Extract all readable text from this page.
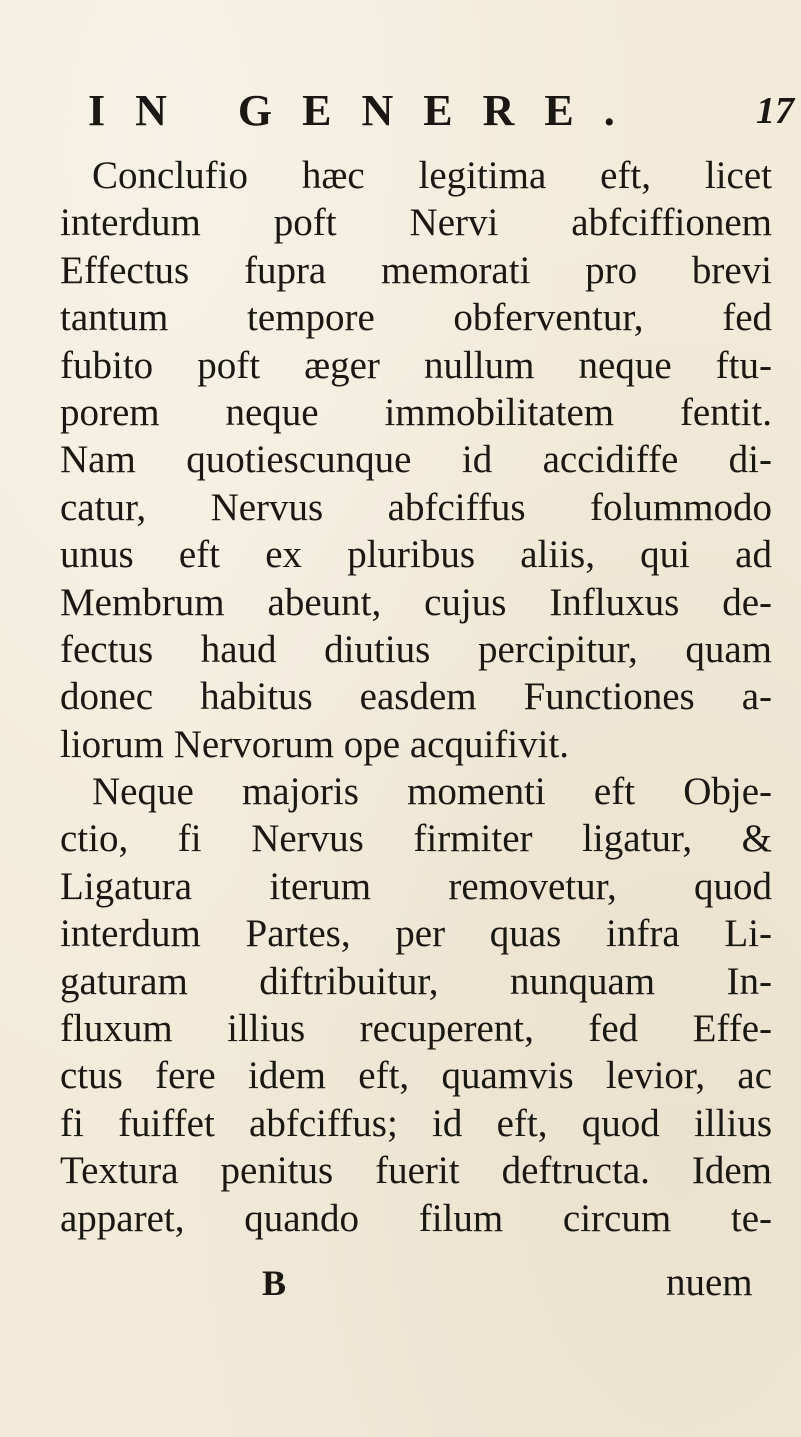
IN GENERE.	17
Conclufio hæc legitima eft, licet
interdum poft Nervi abfciffionem
Effectus fupra memorati pro brevi
tantum tempore obferventur, fed
fubito poft æger nullum neque ftu-
porem neque immobilitatem fentit.
Nam quotiescunque id accidiffe di-
catur, Nervus abfciffus folummodo
unus eft ex pluribus aliis, qui ad
Membrum abeunt, cujus Influxus de-
fectus haud diutius percipitur, quam
donec habitus easdem Functiones a-
liorum Nervorum ope acquifivit.
Neque majoris momenti eft Obje-
ctio, fi Nervus firmiter ligatur, &
Ligatura iterum removetur, quod
interdum Partes, per quas infra Li-
gaturam diftribuitur, nunquam In-
fluxum illius recuperent, fed Effe-
ctus fere idem eft, quamvis levior, ac
fi fuiffet abfciffus; id eft, quod illius
Textura penitus fuerit deftructa. Idem
apparet, quando filum circum te-
B	nuem
